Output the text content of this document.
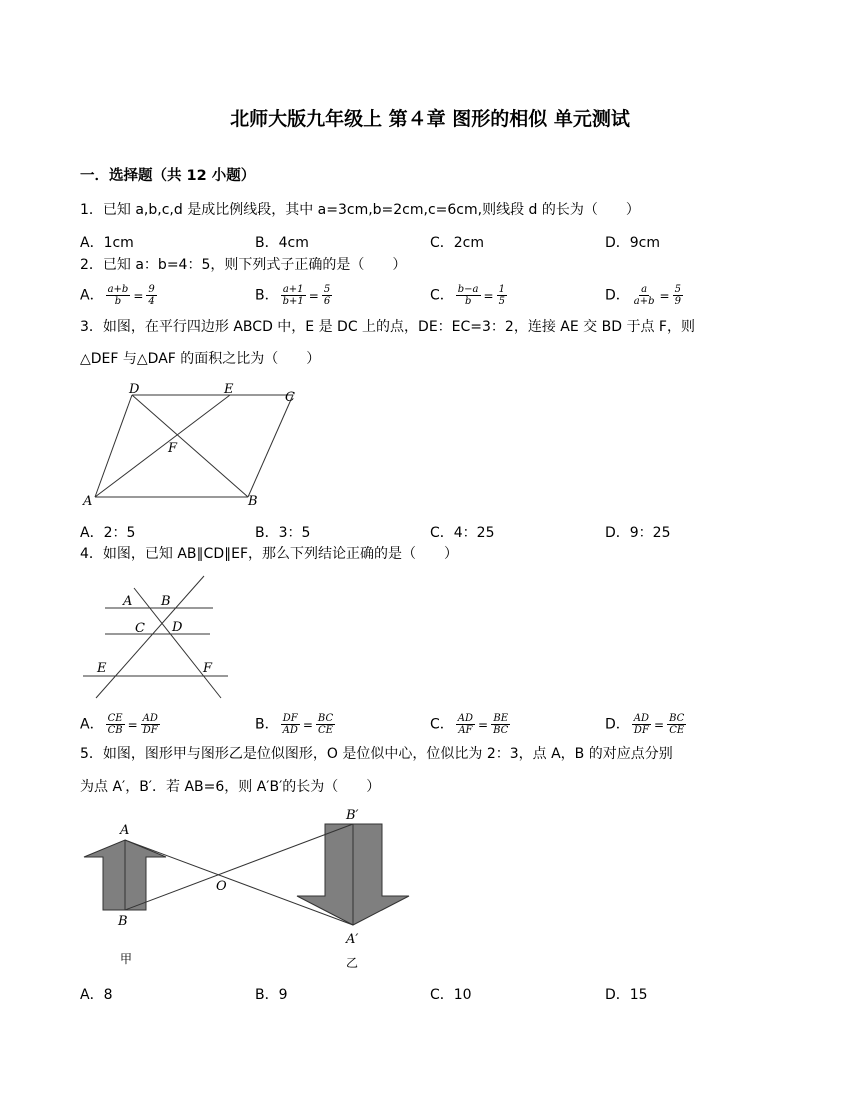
北师大版九年级上 第４章 图形的相似 单元测试
一．选择题（共 12 小题）
1．已知 a,b,c,d 是成比例线段，其中 a=3cm,b=2cm,c=6cm,则线段 d 的长为（　　）
A．1cm	B．4cm	C．2cm	D．9cm
2．已知 a：b=4：5，则下列式子正确的是（　　）
A． $\frac{a+b}{b} = \frac{9}{4}$	B． $\frac{a+1}{b+1} = \frac{5}{6}$	C． $\frac{b-a}{b} = \frac{1}{5}$	D． $\frac{a}{a+b} = \frac{5}{9}$
3．如图，在平行四边形 ABCD 中，E 是 DC 上的点，DE：EC=3：2，连接 AE 交 BD 于点 F，则
△DEF 与△DAF 的面积之比为（　　）
D	E
C
F
A	B
A．2：5	B．3：5	C．4：25	D．9：25
4．如图，已知 AB∥CD∥EF，那么下列结论正确的是（　　）
A B
C D
E	F
A． $\frac{CE}{CB} = \frac{AD}{DF}$	B． $\frac{DF}{AD} = \frac{BC}{CE}$	C． $\frac{AD}{AF} = \frac{BE}{BC}$	D． $\frac{AD}{DF} = \frac{BC}{CE}$
5．如图，图形甲与图形乙是位似图形，O 是位似中心，位似比为 2：3，点 A，B 的对应点分别
为点 A′，B′．若 AB=6，则 A′B′的长为（　　）
A
B
O
B′
A′
甲	乙
A．8	B．9	C．10	D．15
